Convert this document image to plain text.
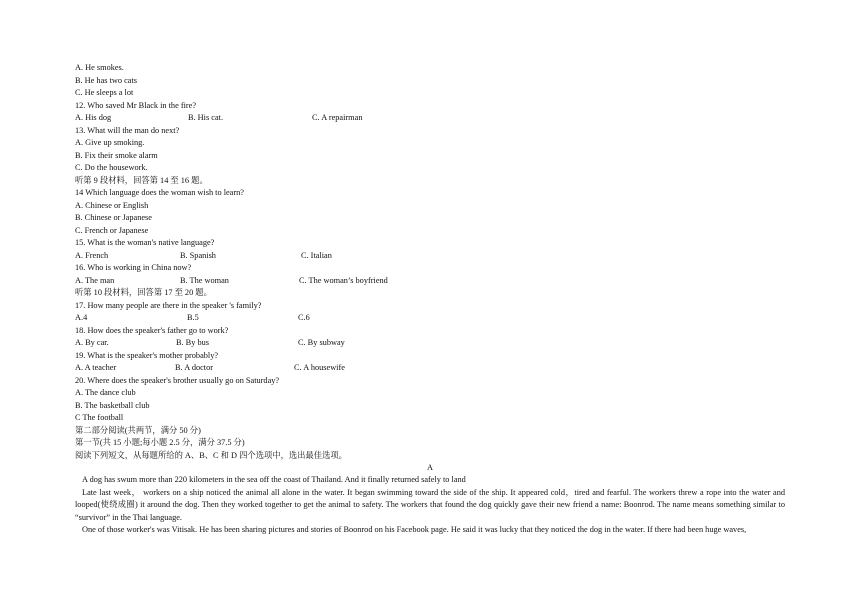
A. He smokes.
B. He has two cats
C. He sleeps a lot
12. Who saved Mr Black in the fire?
A. His dog	B. His cat.	C. A repairman
13. What will the man do next?
A. Give up smoking.
B. Fix their smoke alarm
C. Do the housework.
听第 9 段材料，回答第 14 至 16 题。
14 Which language does the woman wish to learn?
A. Chinese or English
B. Chinese or Japanese
C. French or Japanese
15. What is the woman's native language?
A. French	B. Spanish	C. Italian
16. Who is working in China now?
A. The man	B. The woman	C. The woman’s boyfriend
听第 10 段材料，回答第 17 至 20 题。
17. How many people are there in the speaker 's family?
A.4	B.5	C.6
18. How does the speaker's father go to work?
A. By car.	B. By bus	C. By subway
19. What is the speaker's mother probably?
A. A teacher	B. A doctor	C. A housewife
20. Where does the speaker's brother usually go on Saturday?
A. The dance club
B. The basketball club
C The football
第二部分阅读(共两节，满分 50 分)
第一节(共 15 小题;每小题 2.5 分，满分 37.5 分)
阅读下列短文，从每题所给的 A、B、C 和 D 四个选项中，选出最佳选项。
A
A dog has swum more than 220 kilometers in the sea off the coast of Thailand. And it finally returned safely to land
Late last week， workers on a ship noticed the animal all alone in the water. It began swimming toward the side of the ship. It appeared cold，tired and fearful. The workers threw a rope into the water and looped(使绕成圈) it around the dog. Then they worked together to get the animal to safety. The workers that found the dog quickly gave their new friend a name: Boonrod. The name means something similar to “survivor” in the Thai language.
One of those worker's was Vitisak. He has been sharing pictures and stories of Boonrod on his Facebook page. He said it was lucky that they noticed the dog in the water. If there had been huge waves,
